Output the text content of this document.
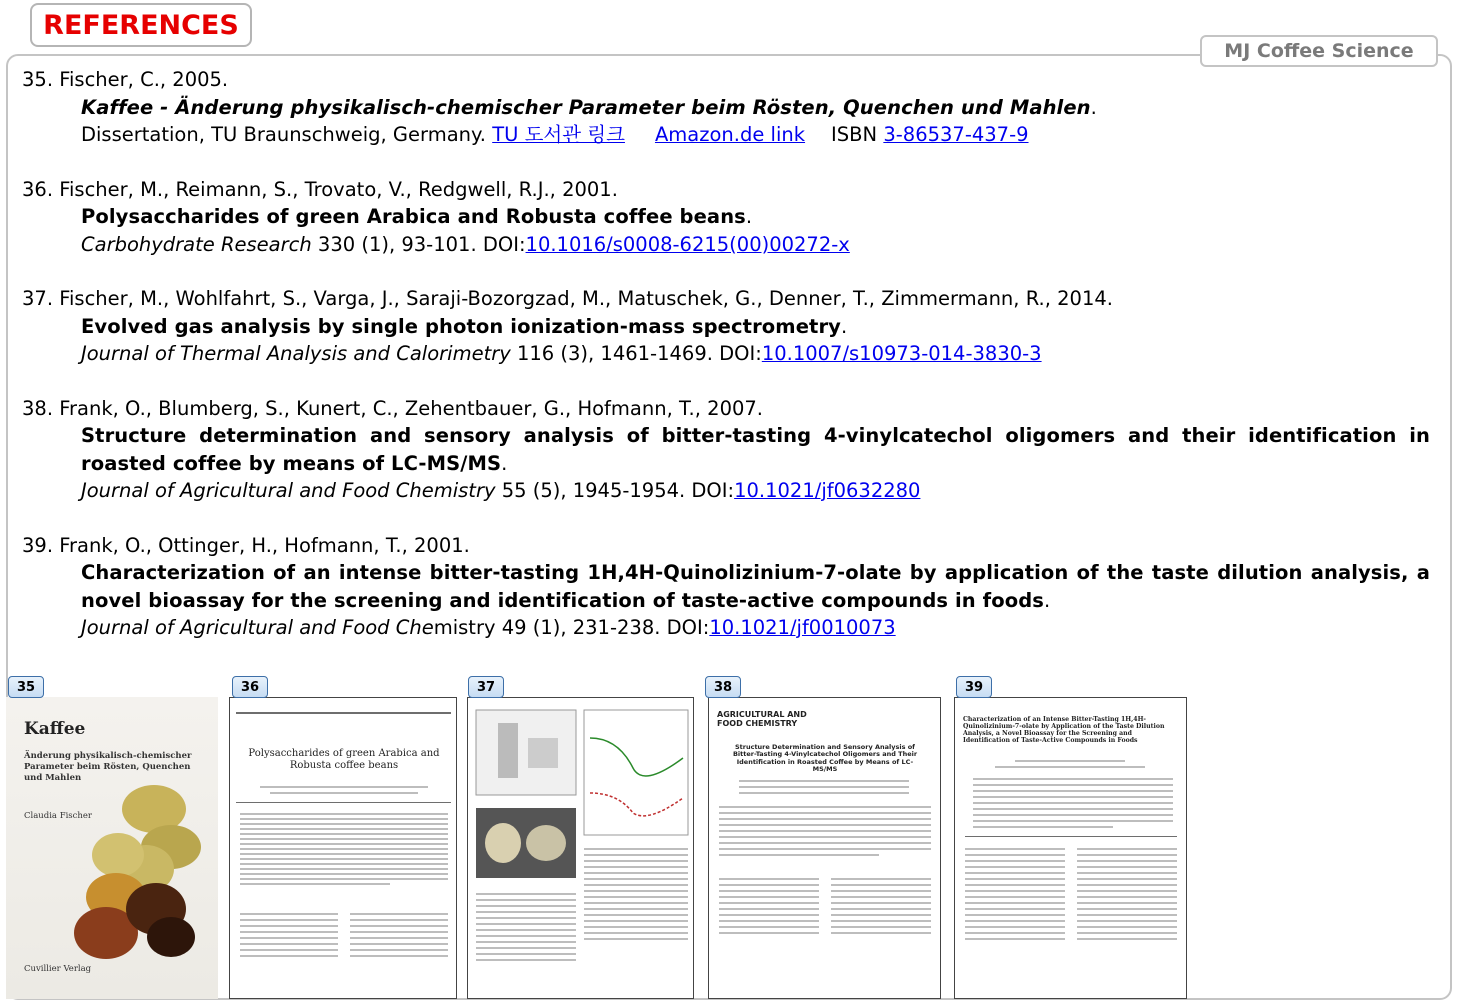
REFERENCES
MJ Coffee Science
35. Fischer, C., 2005.
Kaffee - Änderung physikalisch-chemischer Parameter beim Rösten, Quenchen und Mahlen.
Dissertation, TU Braunschweig, Germany. TU 도서관 링크 Amazon.de link ISBN 3-86537-437-9
36. Fischer, M., Reimann, S., Trovato, V., Redgwell, R.J., 2001.
Polysaccharides of green Arabica and Robusta coffee beans.
Carbohydrate Research 330 (1), 93-101. DOI:10.1016/s0008-6215(00)00272-x
37. Fischer, M., Wohlfahrt, S., Varga, J., Saraji-Bozorgzad, M., Matuschek, G., Denner, T., Zimmermann, R., 2014.
Evolved gas analysis by single photon ionization-mass spectrometry.
Journal of Thermal Analysis and Calorimetry 116 (3), 1461-1469. DOI:10.1007/s10973-014-3830-3
38. Frank, O., Blumberg, S., Kunert, C., Zehentbauer, G., Hofmann, T., 2007.
Structure determination and sensory analysis of bitter-tasting 4-vinylcatechol oligomers and their identification in roasted coffee by means of LC-MS/MS.
Journal of Agricultural and Food Chemistry 55 (5), 1945-1954. DOI:10.1021/jf0632280
39. Frank, O., Ottinger, H., Hofmann, T., 2001.
Characterization of an intense bitter-tasting 1H,4H-Quinolizinium-7-olate by application of the taste dilution analysis, a novel bioassay for the screening and identification of taste-active compounds in foods.
Journal of Agricultural and Food Chemistry 49 (1), 231-238. DOI:10.1021/jf0010073
Kaffee
Änderung physikalisch-chemischer Parameter beim Rösten, Quenchen und Mahlen
Claudia Fischer
Cuvillier Verlag
Polysaccharides of green Arabica and Robusta coffee beans
AGRICULTURAL AND FOOD CHEMISTRY
Structure Determination and Sensory Analysis of Bitter-Tasting 4-Vinylcatechol Oligomers and Their Identification in Roasted Coffee by Means of LC-MS/MS
Characterization of an Intense Bitter-Tasting 1H,4H-Quinolizinium-7-olate by Application of the Taste Dilution Analysis, a Novel Bioassay for the Screening and Identification of Taste-Active Compounds in Foods
35	36	37	38	39
